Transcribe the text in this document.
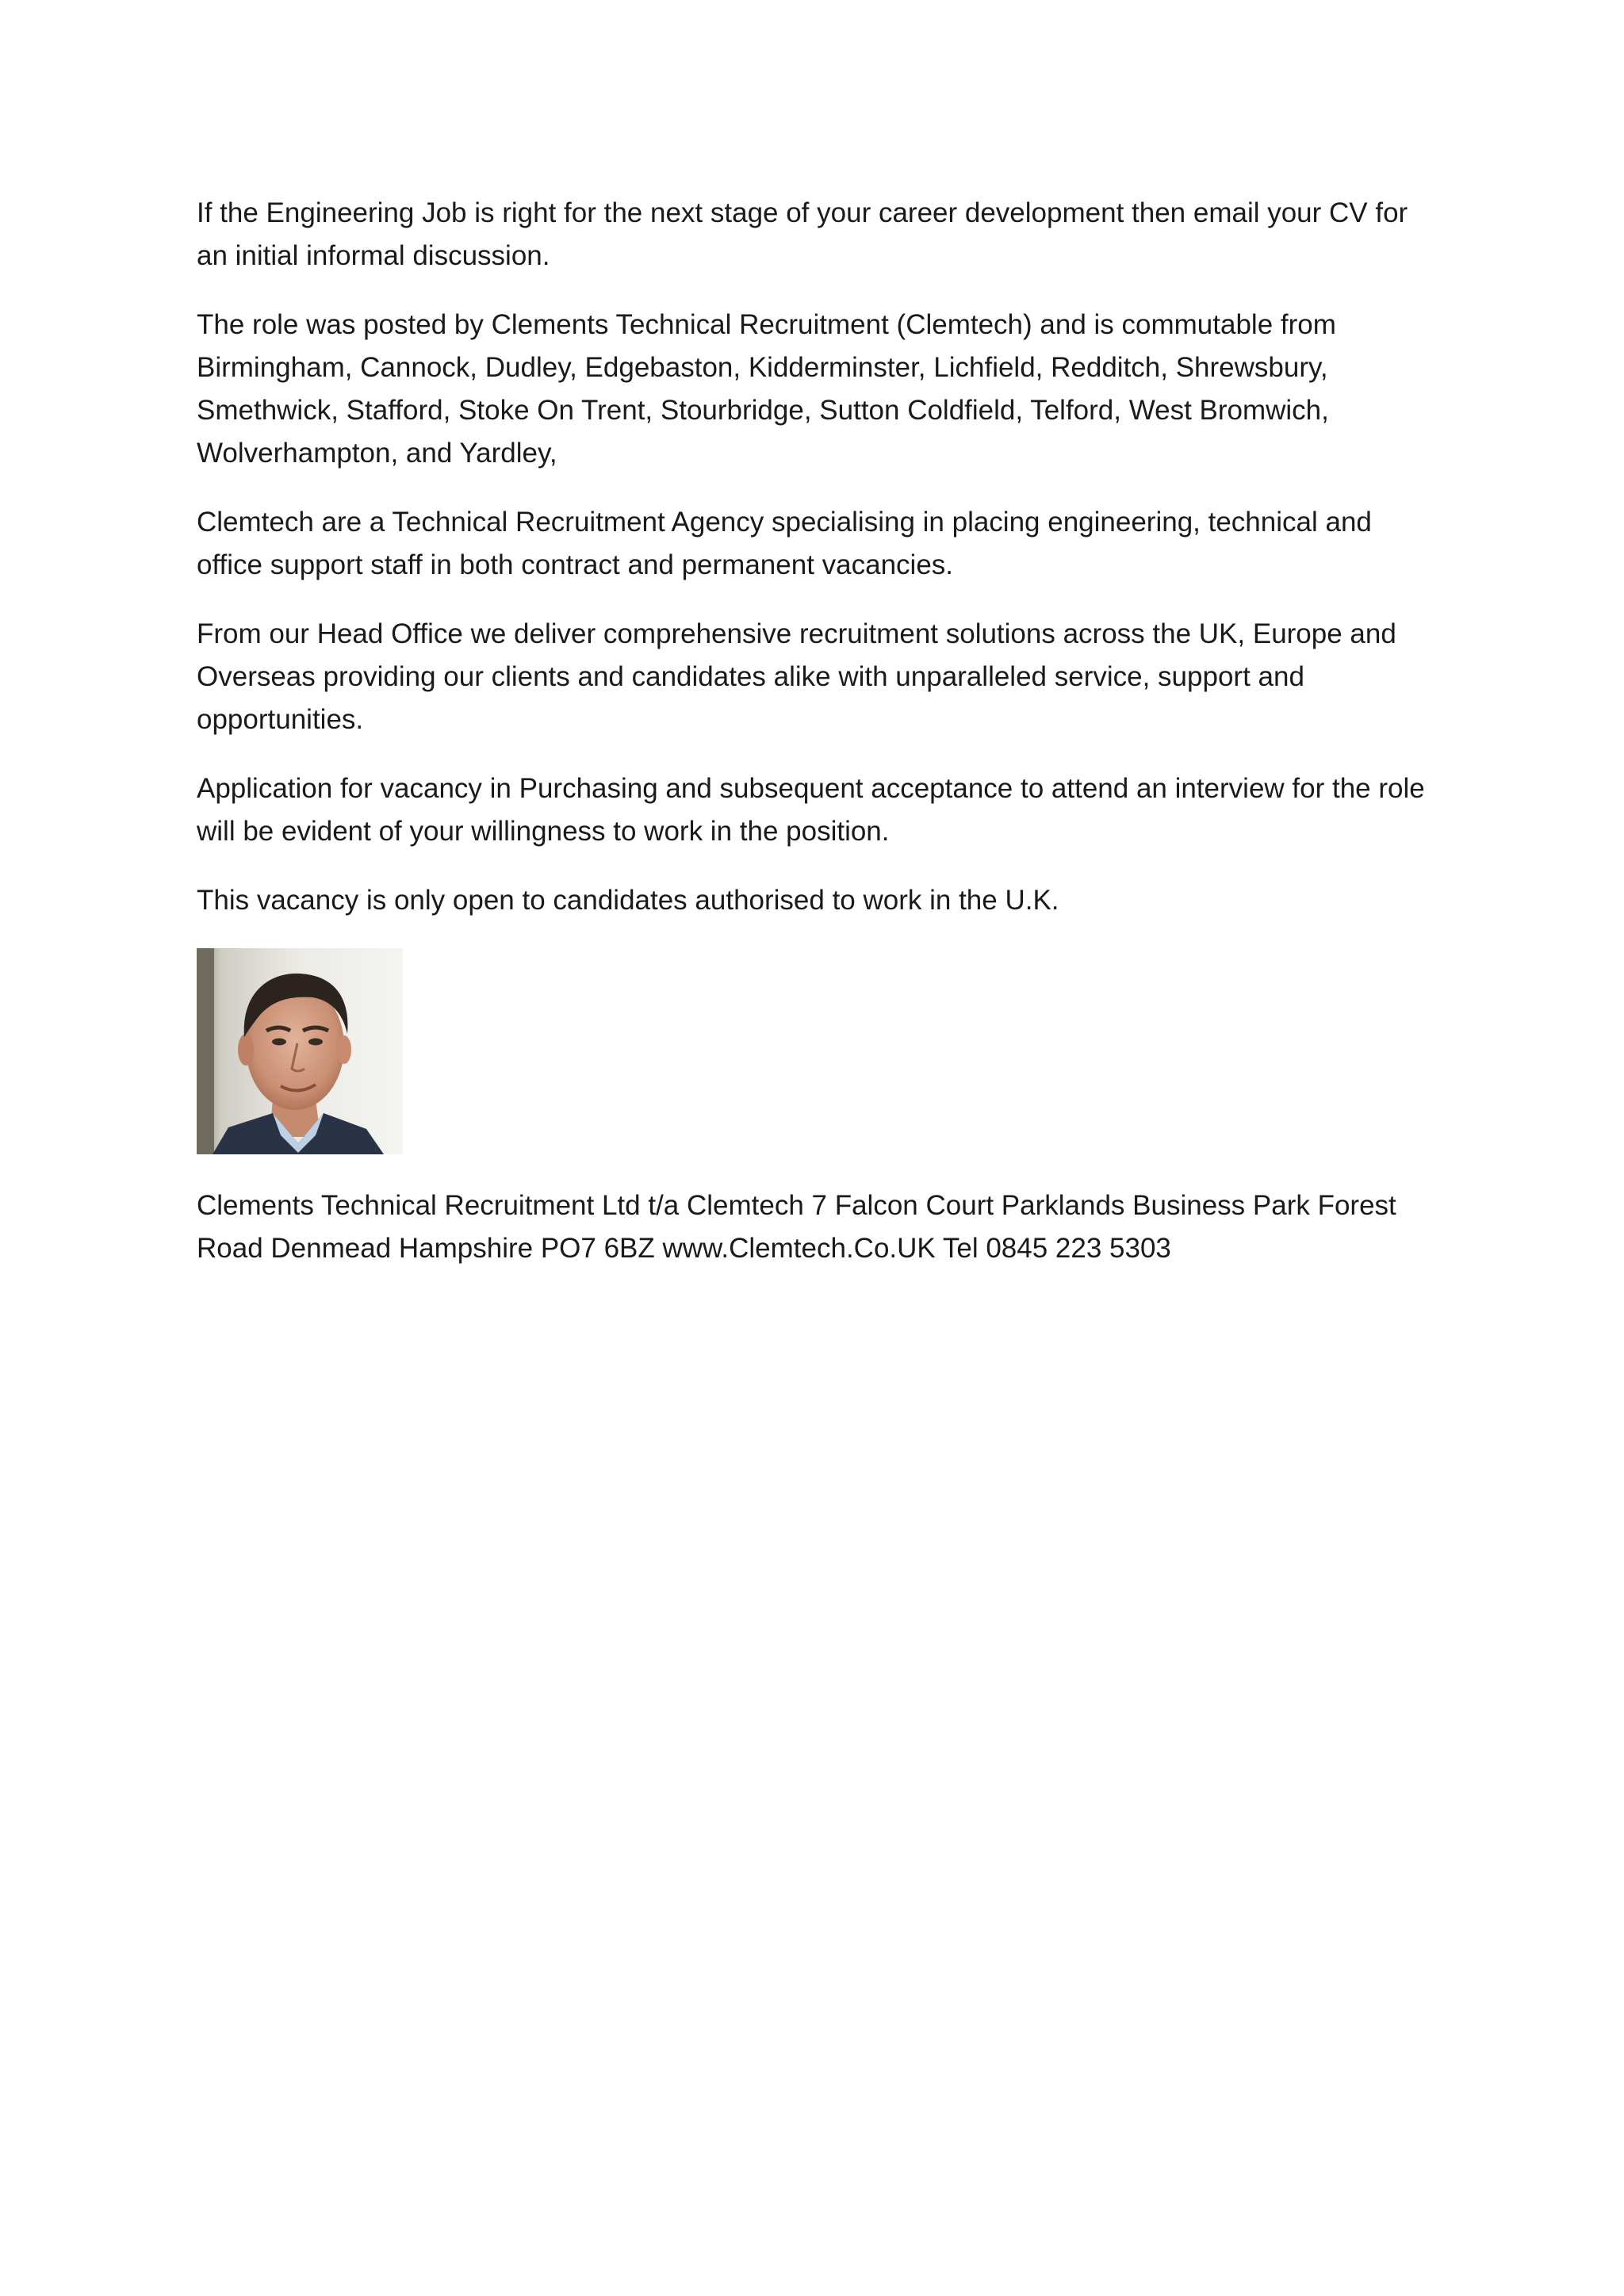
If the Engineering Job is right for the next stage of your career development then email your CV for an initial informal discussion.

The role was posted by Clements Technical Recruitment (Clemtech) and is commutable from Birmingham, Cannock, Dudley, Edgebaston, Kidderminster, Lichfield, Redditch, Shrewsbury, Smethwick, Stafford, Stoke On Trent, Stourbridge, Sutton Coldfield, Telford, West Bromwich, Wolverhampton, and Yardley,

Clemtech are a Technical Recruitment Agency specialising in placing engineering, technical and office support staff in both contract and permanent vacancies.

From our Head Office we deliver comprehensive recruitment solutions across the UK, Europe and Overseas providing our clients and candidates alike with unparalleled service, support and opportunities.

Application for vacancy in Purchasing and subsequent acceptance to attend an interview for the role will be evident of your willingness to work in the position.

This vacancy is only open to candidates authorised to work in the U.K.

Clements Technical Recruitment Ltd t/a Clemtech 7 Falcon Court Parklands Business Park Forest Road Denmead Hampshire PO7 6BZ www.Clemtech.Co.UK Tel 0845 223 5303
